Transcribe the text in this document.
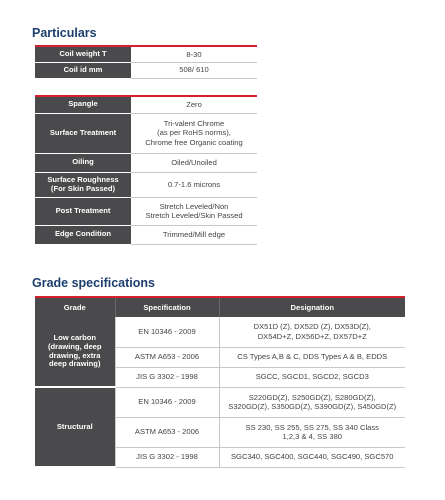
Particulars
Coil weight T	8-30
Coil id mm	508/ 610
Spangle	Zero
Surface Treatment	Tri-valent Chrome
(as per RoHS norms),
Chrome free Organic coating
Oiling	Oiled/Unoiled
Surface Roughness
(For Skin Passed)	0.7-1.6 microns
Post Treatment	Stretch Leveled/Non
Stretch Leveled/Skin Passed
Edge Condition	Trimmed/Mill edge
Grade specifications
Grade	Specification	Designation
Low carbon
(drawing, deep
drawing, extra
deep drawing)	EN 10346 - 2009	DX51D (Z), DX52D (Z), DX53D(Z),
DX54D+Z, DX56D+Z, DX57D+Z
	ASTM A653 - 2006	CS Types A,B & C, DDS Types A & B, EDDS
	JIS G 3302 - 1998	SGCC, SGCD1, SGCD2, SGCD3
Structural	EN 10346 - 2009	S220GD(Z), S250GD(Z), S280GD(Z),
S320GD(Z), S350GD(Z), S390GD(Z), S450GD(Z)
	ASTM A653 - 2006	SS 230, SS 255, SS 275, SS 340 Class
1,2,3 & 4, SS 380
	JIS G 3302 - 1998	SGC340, SGC400, SGC440, SGC490, SGC570
